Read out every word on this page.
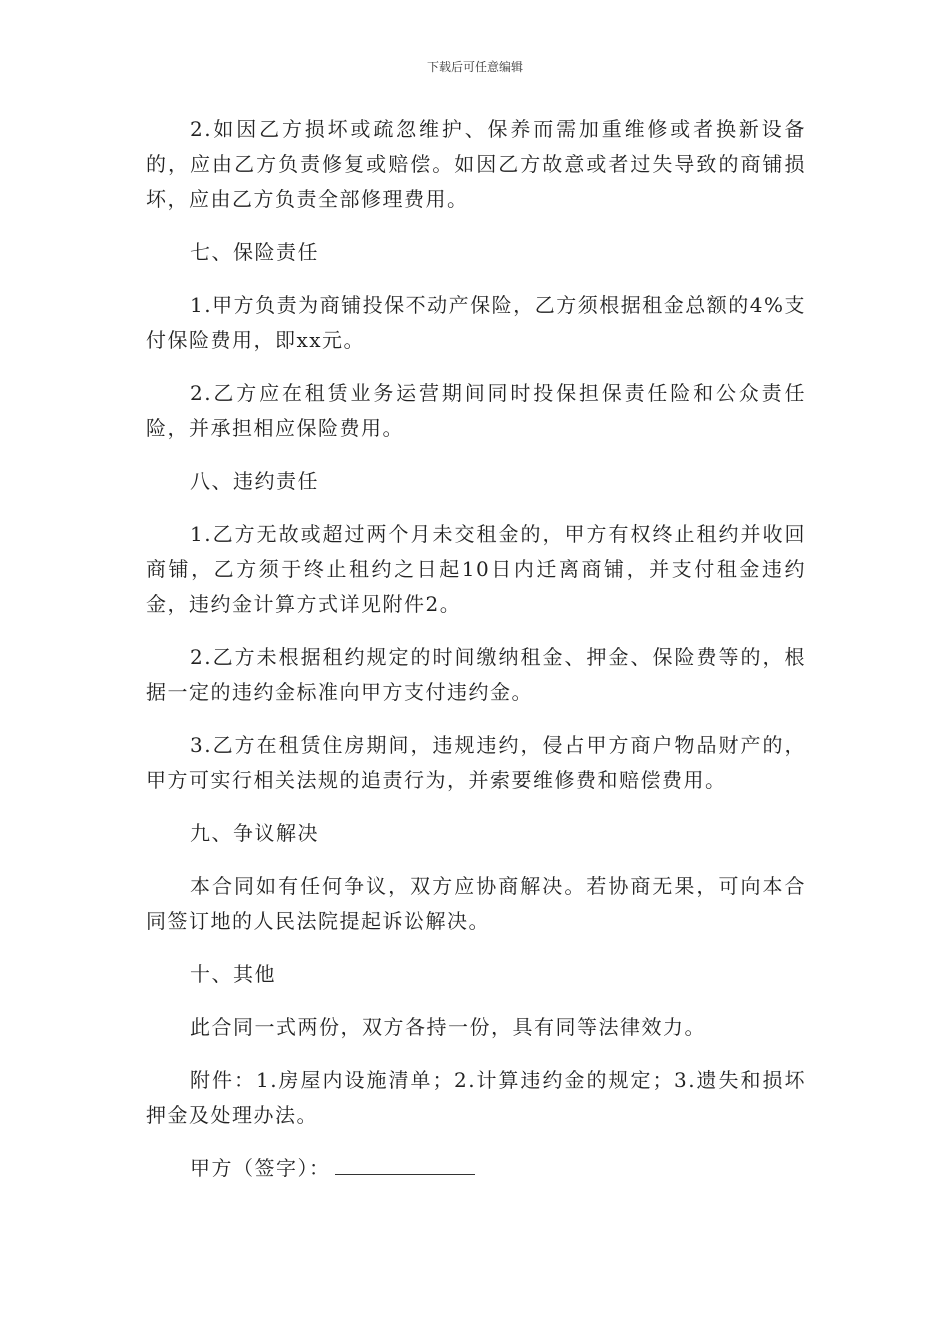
下载后可任意编辑

2.如因乙方损坏或疏忽维护、保养而需加重维修或者换新设备的，应由乙方负责修复或赔偿。如因乙方故意或者过失导致的商铺损坏，应由乙方负责全部修理费用。

七、保险责任

1.甲方负责为商铺投保不动产保险，乙方须根据租金总额的4%支付保险费用，即xx元。

2.乙方应在租赁业务运营期间同时投保担保责任险和公众责任险，并承担相应保险费用。

八、违约责任

1.乙方无故或超过两个月未交租金的，甲方有权终止租约并收回商铺，乙方须于终止租约之日起10日内迁离商铺，并支付租金违约金，违约金计算方式详见附件2。

2.乙方未根据租约规定的时间缴纳租金、押金、保险费等的，根据一定的违约金标准向甲方支付违约金。

3.乙方在租赁住房期间，违规违约，侵占甲方商户物品财产的，甲方可实行相关法规的追责行为，并索要维修费和赔偿费用。

九、争议解决

本合同如有任何争议，双方应协商解决。若协商无果，可向本合同签订地的人民法院提起诉讼解决。

十、其他

此合同一式两份，双方各持一份，具有同等法律效力。

附件：1.房屋内设施清单；2.计算违约金的规定；3.遗失和损坏押金及处理办法。

甲方（签字）：
